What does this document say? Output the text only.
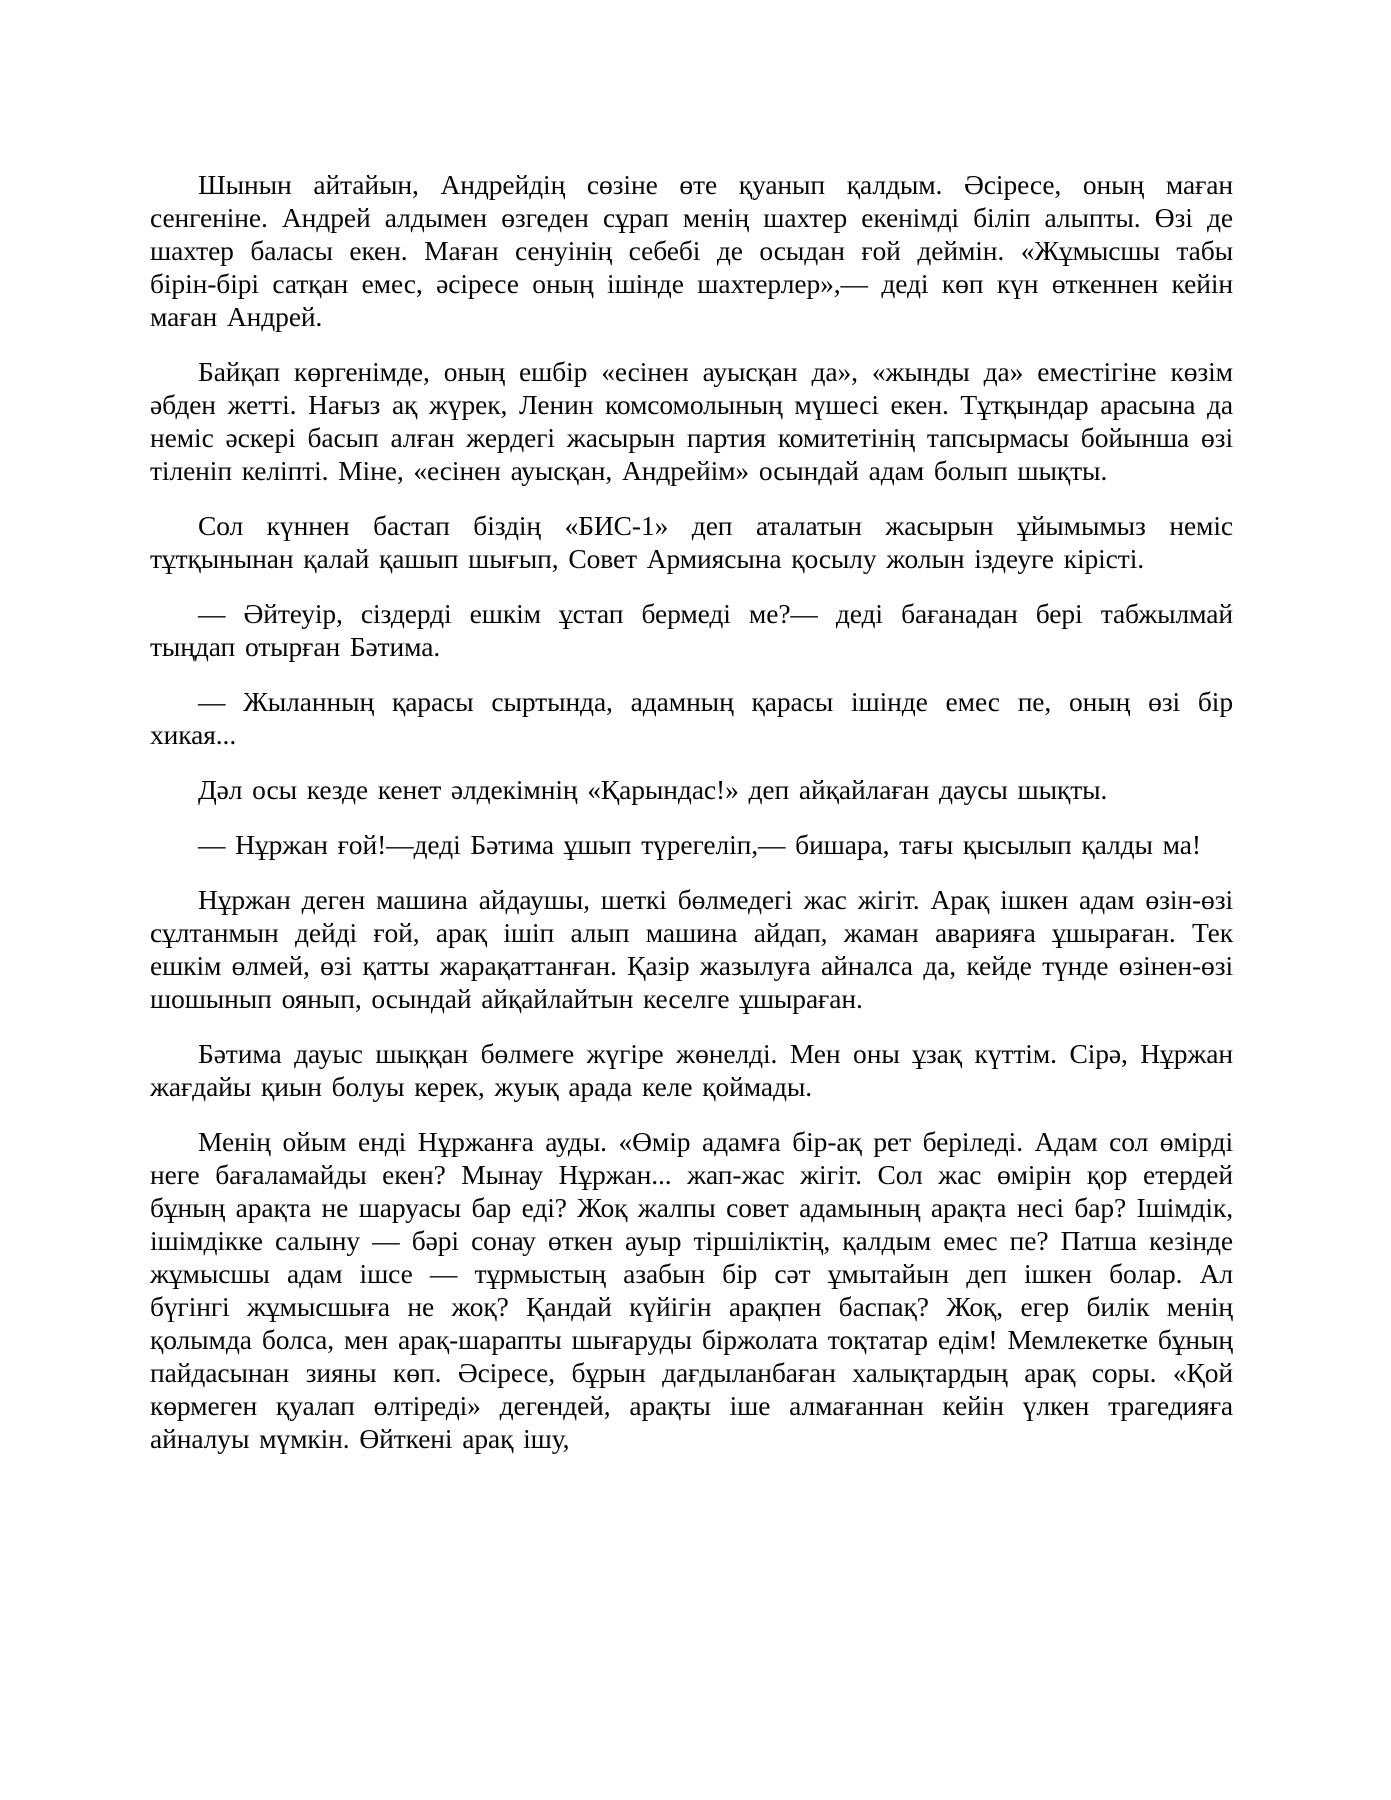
Шынын айтайын, Андрейдің сөзіне өте қуанып қалдым. Әсіресе, оның маған сенгеніне. Андрей алдымен өзгеден сұрап менің шахтер екенімді біліп алыпты. Өзі де шахтер баласы екен. Маған сенуінің себебі де осыдан ғой деймін. «Жұмысшы табы бірін-бірі сатқан емес, әсіресе оның ішінде шахтерлер»,— деді көп күн өткеннен кейін маған Андрей.

Байқап көргенімде, оның ешбір «есінен ауысқан да», «жынды да» еместігіне көзім әбден жетті. Нағыз ақ жүрек, Ленин комсомолының мүшесі екен. Тұтқындар арасына да неміс әскері басып алған жердегі жасырын партия комитетінің тапсырмасы бойынша өзі тіленіп келіпті. Міне, «есінен ауысқан, Андрейім» осындай адам болып шықты.

Сол күннен бастап біздің «БИС-1» деп аталатын жасырын ұйымымыз неміс тұтқынынан қалай қашып шығып, Совет Армиясына қосылу жолын іздеуге кірісті.

— Әйтеуір, сіздерді ешкім ұстап бермеді ме?— деді бағанадан бері табжылмай тыңдап отырған Бәтима.

— Жыланның қарасы сыртында, адамның қарасы ішінде емес пе, оның өзі бір хикая...

Дәл осы кезде кенет әлдекімнің «Қарындас!» деп айқайлаған даусы шықты.

— Нұржан ғой!—деді Бәтима ұшып түрегеліп,— бишара, тағы қысылып қалды ма!

Нұржан деген машина айдаушы, шеткі бөлмедегі жас жігіт. Арақ ішкен адам өзін-өзі сұлтанмын дейді ғой, арақ ішіп алып машина айдап, жаман аварияға ұшыраған. Тек ешкім өлмей, өзі қатты жарақаттанған. Қазір жазылуға айналса да, кейде түнде өзінен-өзі шошынып оянып, осындай айқайлайтын кеселге ұшыраған.

Бәтима дауыс шыққан бөлмеге жүгіре жөнелді. Мен оны ұзақ күттім. Сірә, Нұржан жағдайы қиын болуы керек, жуық арада келе қоймады.

Менің ойым енді Нұржанға ауды. «Өмір адамға бір-ақ рет беріледі. Адам сол өмірді неге бағаламайды екен? Мынау Нұржан... жап-жас жігіт. Сол жас өмірін қор етердей бұның арақта не шаруасы бар еді? Жоқ жалпы совет адамының арақта несі бар? Ішімдік, ішімдікке салыну — бәрі сонау өткен ауыр тіршіліктің, қалдым емес пе? Патша кезінде жұмысшы адам ішсе — тұрмыстың азабын бір сәт ұмытайын деп ішкен болар. Ал бүгінгі жұмысшыға не жоқ? Қандай күйігін арақпен баспақ? Жоқ, егер билік менің қолымда болса, мен арақ-шарапты шығаруды біржолата тоқтатар едім! Мемлекетке бұның пайдасынан зияны көп. Әсіресе, бұрын дағдыланбаған халықтардың арақ соры. «Қой көрмеген қуалап өлтіреді» дегендей, арақты іше алмағаннан кейін үлкен трагедияға айналуы мүмкін. Өйткені арақ ішу,
